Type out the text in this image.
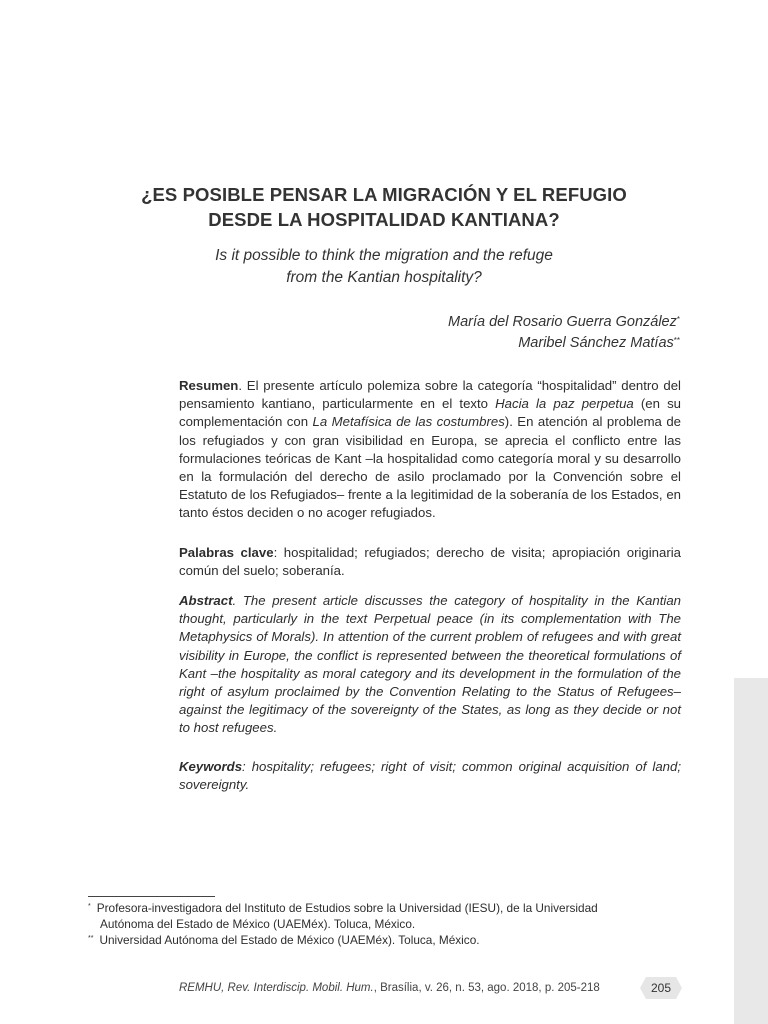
¿ES POSIBLE PENSAR LA MIGRACIÓN Y EL REFUGIO
DESDE LA HOSPITALIDAD KANTIANA?
Is it possible to think the migration and the refuge
from the Kantian hospitality?
María del Rosario Guerra González*
Maribel Sánchez Matías**

Resumen. El presente artículo polemiza sobre la categoría “hospitalidad” dentro del pensamiento kantiano, particularmente en el texto Hacia la paz perpetua (en su complementación con La Metafísica de las costumbres). En atención al problema de los refugiados y con gran visibilidad en Europa, se aprecia el conflicto entre las formulaciones teóricas de Kant –la hospitalidad como categoría moral y su desarrollo en la formulación del derecho de asilo proclamado por la Convención sobre el Estatuto de los Refugiados– frente a la legitimidad de la soberanía de los Estados, en tanto éstos deciden o no acoger refugiados.

Palabras clave: hospitalidad; refugiados; derecho de visita; apropiación originaria común del suelo; soberanía.

Abstract. The present article discusses the category of hospitality in the Kantian thought, particularly in the text Perpetual peace (in its complementation with The Metaphysics of Morals). In attention of the current problem of refugees and with great visibility in Europe, the conflict is represented between the theoretical formulations of Kant –the hospitality as moral category and its development in the formulation of the right of asylum proclaimed by the Convention Relating to the Status of Refugees– against the legitimacy of the sovereignty of the States, as long as they decide or not to host refugees.

Keywords: hospitality; refugees; right of visit; common original acquisition of land; sovereignty.

* Profesora-investigadora del Instituto de Estudios sobre la Universidad (IESU), de la Universidad
Autónoma del Estado de México (UAEMéx). Toluca, México.
** Universidad Autónoma del Estado de México (UAEMéx). Toluca, México.
REMHU, Rev. Interdiscip. Mobil. Hum., Brasília, v. 26, n. 53, ago. 2018, p. 205-218	205
